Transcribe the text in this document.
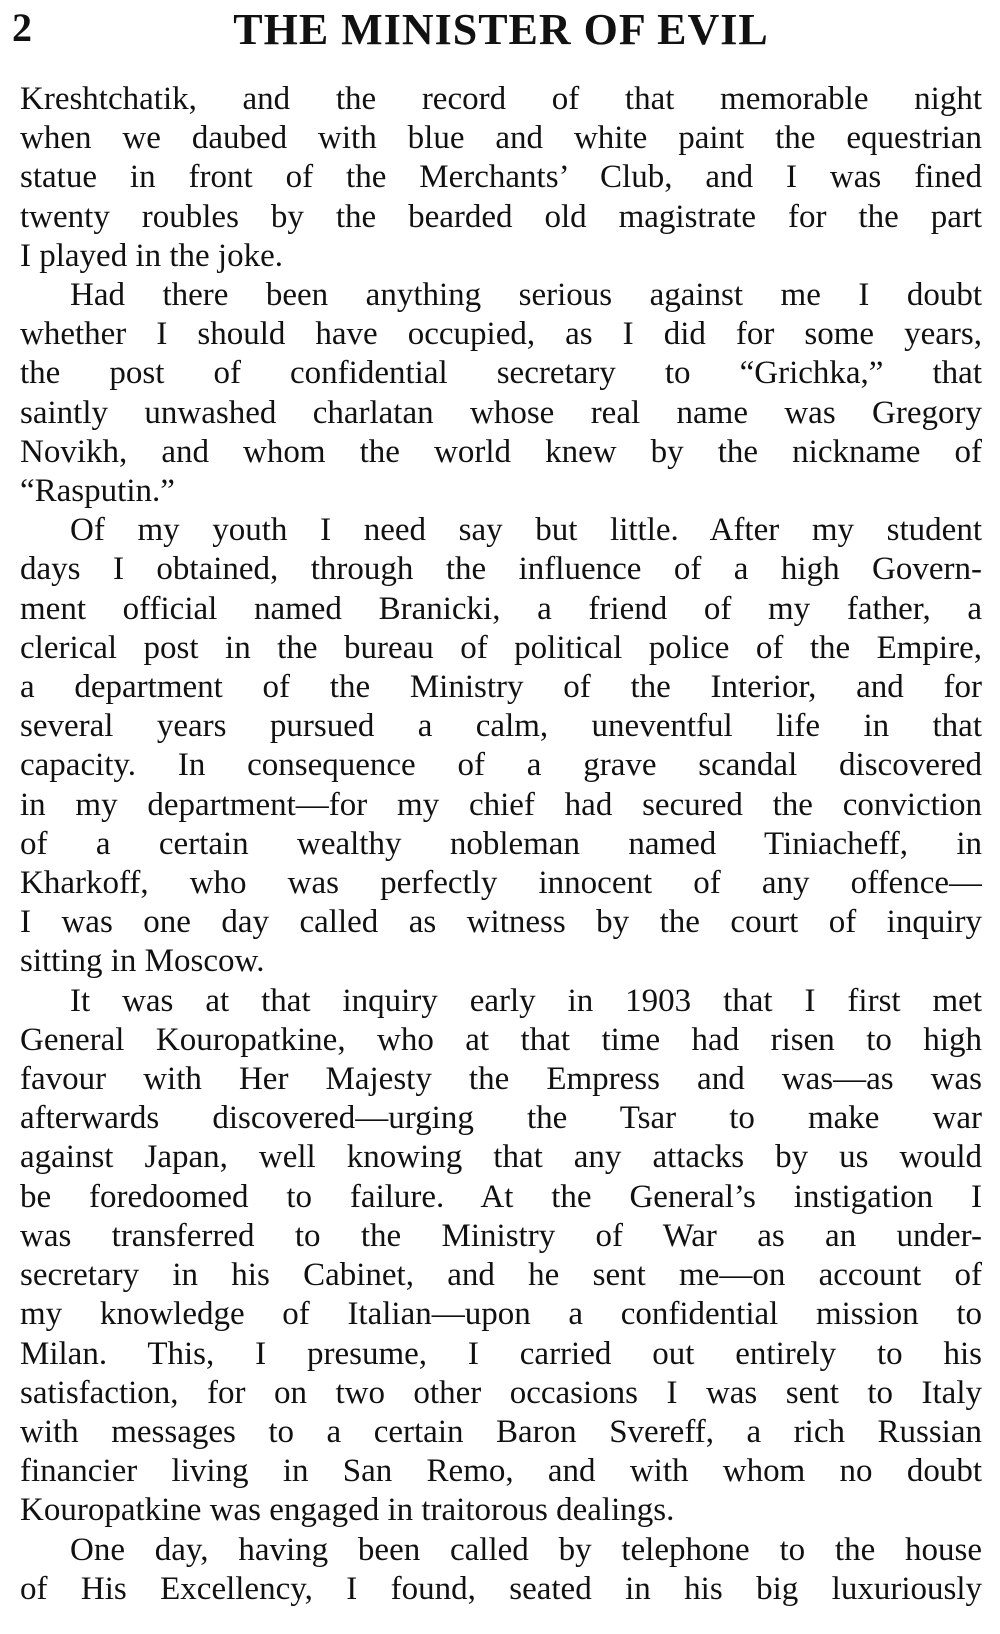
2	THE MINISTER OF EVIL
Kreshtchatik, and the record of that memorable night
when we daubed with blue and white paint the equestrian
statue in front of the Merchants’ Club, and I was fined
twenty roubles by the bearded old magistrate for the part
I played in the joke.
Had there been anything serious against me I doubt
whether I should have occupied, as I did for some years,
the post of confidential secretary to “Grichka,” that
saintly unwashed charlatan whose real name was Gregory
Novikh, and whom the world knew by the nickname of
“Rasputin.”
Of my youth I need say but little. After my student
days I obtained, through the influence of a high Govern-
ment official named Branicki, a friend of my father, a
clerical post in the bureau of political police of the Empire,
a department of the Ministry of the Interior, and for
several years pursued a calm, uneventful life in that
capacity. In consequence of a grave scandal discovered
in my department—for my chief had secured the conviction
of a certain wealthy nobleman named Tiniacheff, in
Kharkoff, who was perfectly innocent of any offence—
I was one day called as witness by the court of inquiry
sitting in Moscow.
It was at that inquiry early in 1903 that I first met
General Kouropatkine, who at that time had risen to high
favour with Her Majesty the Empress and was—as was
afterwards discovered—urging the Tsar to make war
against Japan, well knowing that any attacks by us would
be foredoomed to failure. At the General’s instigation I
was transferred to the Ministry of War as an under-
secretary in his Cabinet, and he sent me—on account of
my knowledge of Italian—upon a confidential mission to
Milan. This, I presume, I carried out entirely to his
satisfaction, for on two other occasions I was sent to Italy
with messages to a certain Baron Svereff, a rich Russian
financier living in San Remo, and with whom no doubt
Kouropatkine was engaged in traitorous dealings.
One day, having been called by telephone to the house
of His Excellency, I found, seated in his big luxuriously
